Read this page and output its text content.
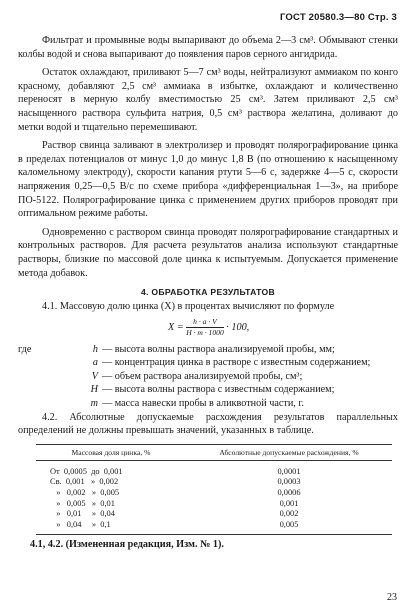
ГОСТ 20580.3—80 Стр. 3

Фильтрат и промывные воды выпаривают до объема 2—3 см³. Обмывают стенки колбы водой и снова выпаривают до появления паров серного ангидрида.

Остаток охлаждают, приливают 5—7 см³ воды, нейтрализуют аммиаком по конго красному, добавляют 2,5 см³ аммиака в избытке, охлаждают и количественно переносят в мерную колбу вместимостью 25 см³. Затем приливают 2,5 см³ насыщенного раствора сульфита натрия, 0,5 см³ раствора желатина, доливают до метки водой и тщательно перемешивают.

Раствор свинца заливают в электролизер и проводят полярографирование цинка в пределах потенциалов от минус 1,0 до минус 1,8 В (по отношению к насыщенному каломельному электроду), скорости капания ртути 5—6 с, задержке 4—5 с, скорости напряжения 0,25—0,5 В/с по схеме прибора «дифференциальная 1—3», на приборе ПО-5122. Полярографирование цинка с применением других приборов проводят при оптимальном режиме работы.

Одновременно с раствором свинца проводят полярографирование стандартных и контрольных растворов. Для расчета результатов анализа используют стандартные растворы, близкие по массовой доле цинка к испытуемым. Допускается применение метода добавок.

4. ОБРАБОТКА РЕЗУЛЬТАТОВ

4.1. Массовую долю цинка (X) в процентах вычисляют по формуле

$X = \frac{h \cdot a \cdot V}{H \cdot m \cdot 1000} \cdot 100$,
где	h — высота волны раствора анализируемой пробы, мм;
a — концентрация цинка в растворе с известным содержанием;
V — объем раствора анализируемой пробы, см³;
H — высота волны раствора с известным содержанием;
m — масса навески пробы в аликвотной части, г.

4.2. Абсолютные допускаемые расхождения результатов параллельных определений не должны превышать значений, указанных в таблице.

Массовая доля цинка, %	Абсолютные допускаемые расхождения, %
От  0,0005  до  0,001
Св.  0,001   »  0,002
»   0,002   »  0,005
»   0,005   »  0,01
»   0,01     »  0,04
»   0,04     »  0,1
0,0001
0,0003
0,0006
0,001
0,002
0,005
4.1, 4.2. (Измененная редакция, Изм. № 1).
23
